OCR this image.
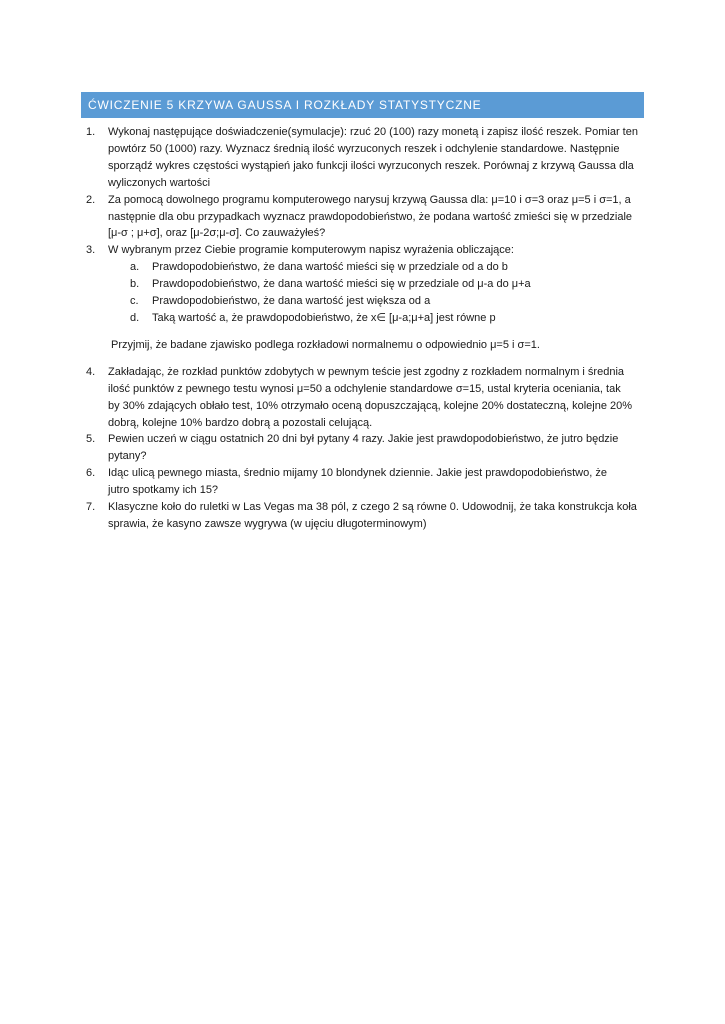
ĆWICZENIE 5 KRZYWA GAUSSA I ROZKŁADY STATYSTYCZNE
1. Wykonaj następujące doświadczenie(symulacje): rzuć 20 (100) razy monetą i zapisz ilość reszek. Pomiar ten
powtórz 50 (1000) razy. Wyznacz średnią ilość wyrzuconych reszek i odchylenie standardowe. Następnie
sporządź wykres częstości wystąpień jako funkcji ilości wyrzuconych reszek. Porównaj z krzywą Gaussa dla
wyliczonych wartości
2. Za pomocą dowolnego programu komputerowego narysuj krzywą Gaussa dla: μ=10 i σ=3 oraz μ=5 i σ=1, a
następnie dla obu przypadkach wyznacz prawdopodobieństwo, że podana wartość zmieści się w przedziale
[μ-σ ; μ+σ], oraz [μ-2σ;μ-σ]. Co zauważyłeś?
3. W wybranym przez Ciebie programie komputerowym napisz wyrażenia obliczające:
a. Prawdopodobieństwo, że dana wartość mieści się w przedziale od a do b
b. Prawdopodobieństwo, że dana wartość mieści się w przedziale od μ-a do μ+a
c. Prawdopodobieństwo, że dana wartość jest większa od a
d. Taką wartość a, że prawdopodobieństwo, że x∈ [μ-a;μ+a] jest równe p
Przyjmij, że badane zjawisko podlega rozkładowi normalnemu o odpowiednio μ=5 i σ=1.
4. Zakładając, że rozkład punktów zdobytych w pewnym teście jest zgodny z rozkładem normalnym i średnia
ilość punktów z pewnego testu wynosi μ=50 a odchylenie standardowe σ=15, ustal kryteria oceniania, tak
by 30% zdających obłało test, 10% otrzymało oceną dopuszczającą, kolejne 20% dostateczną, kolejne 20%
dobrą, kolejne 10% bardzo dobrą a pozostali celującą.
5. Pewien uczeń w ciągu ostatnich 20 dni był pytany 4 razy. Jakie jest prawdopodobieństwo, że jutro będzie
pytany?
6. Idąc ulicą pewnego miasta, średnio mijamy 10 blondynek dziennie. Jakie jest prawdopodobieństwo, że
jutro spotkamy ich 15?
7. Klasyczne koło do ruletki w Las Vegas ma 38 pól, z czego 2 są równe 0. Udowodnij, że taka konstrukcja koła
sprawia, że kasyno zawsze wygrywa (w ujęciu długoterminowym)
